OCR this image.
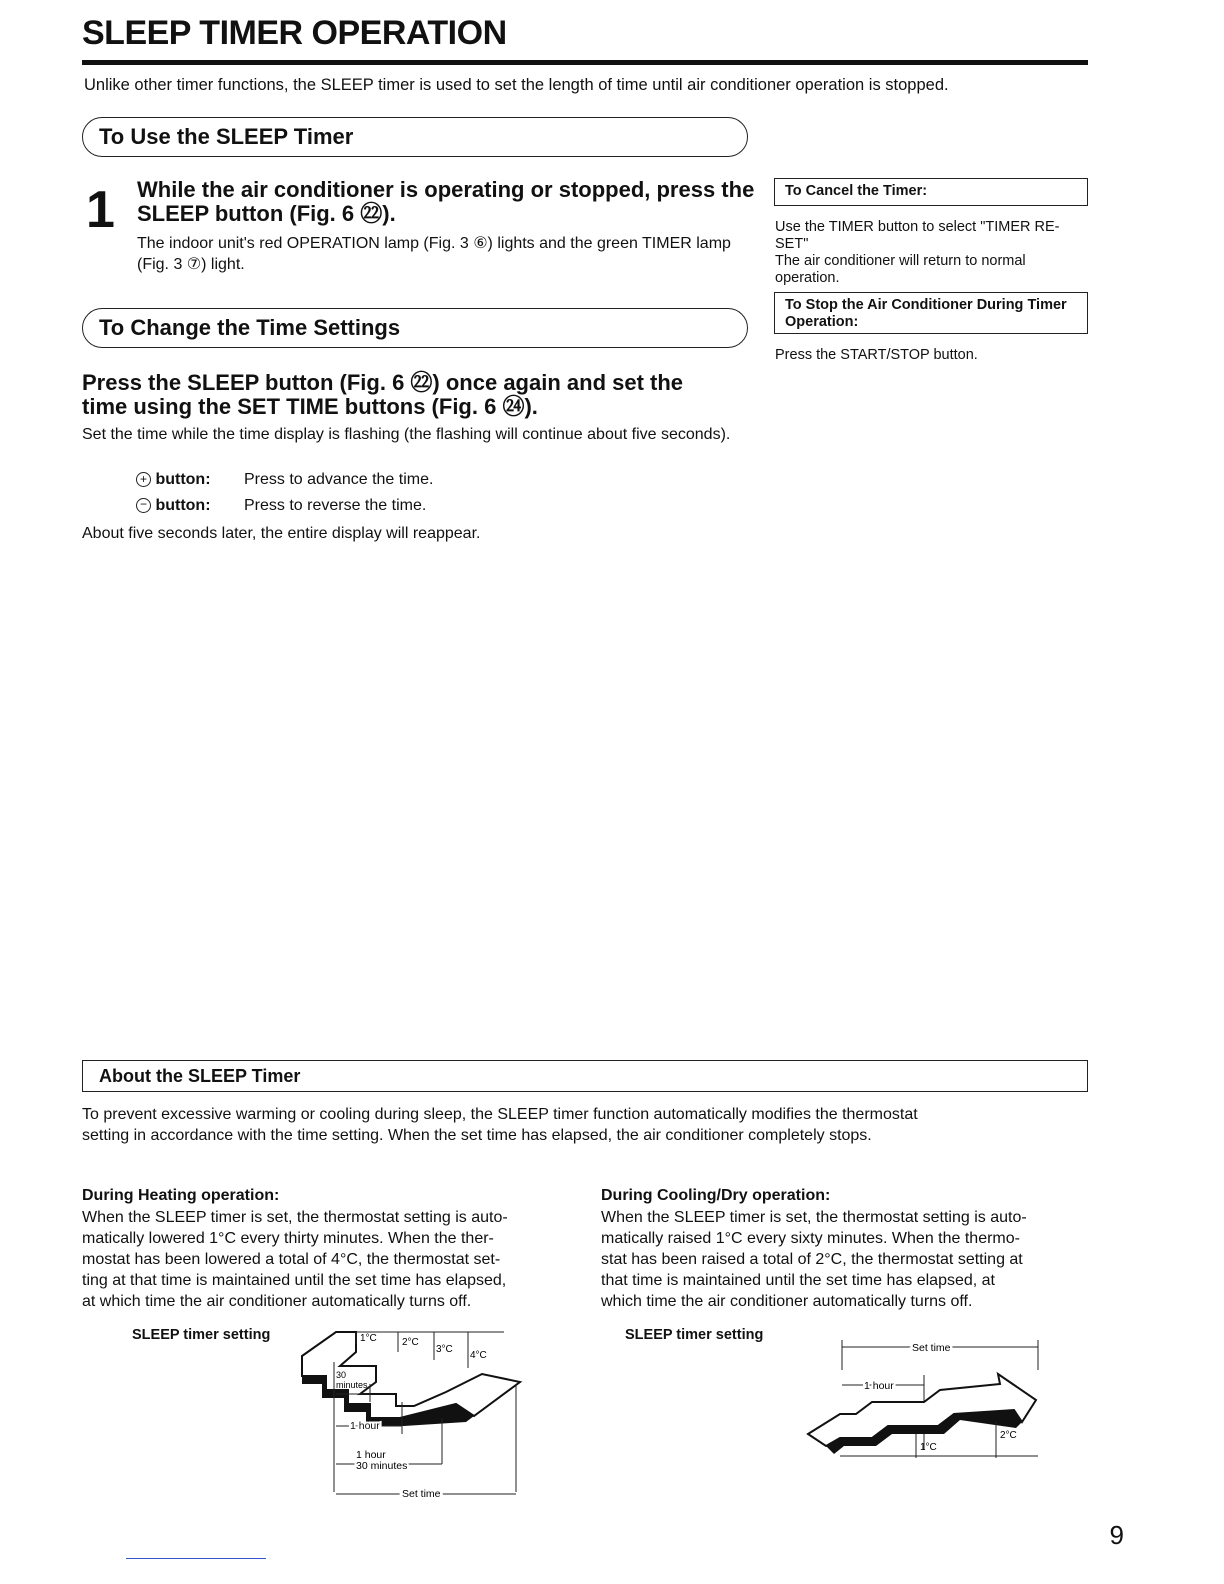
SLEEP TIMER OPERATION
Unlike other timer functions, the SLEEP timer is used to set the length of time until air conditioner operation is stopped.
To Use the SLEEP Timer
1 While the air conditioner is operating or stopped, press the SLEEP button (Fig. 6 ㉒).
The indoor unit's red OPERATION lamp (Fig. 3 ⑥) lights and the green TIMER lamp (Fig. 3 ⑦) light.
To Change the Time Settings
Press the SLEEP button (Fig. 6 ㉒) once again and set the time using the SET TIME buttons (Fig. 6 ㉔).
Set the time while the time display is flashing (the flashing will continue about five seconds).
+ button: Press to advance the time.
− button: Press to reverse the time.
About five seconds later, the entire display will reappear.
To Cancel the Timer:
Use the TIMER button to select "TIMER RE-
SET"
The air conditioner will return to normal
operation.
To Stop the Air Conditioner During Timer
Operation:
Press the START/STOP button.
About the SLEEP Timer
To prevent excessive warming or cooling during sleep, the SLEEP timer function automatically modifies the thermostat
setting in accordance with the time setting. When the set time has elapsed, the air conditioner completely stops.
During Heating operation:
When the SLEEP timer is set, the thermostat setting is auto-
matically lowered 1°C every thirty minutes. When the ther-
mostat has been lowered a total of 4°C, the thermostat set-
ting at that time is maintained until the set time has elapsed,
at which time the air conditioner automatically turns off.
SLEEP timer setting	1°C	2°C
3°C
4°C
30
minutes
1 hour
1 hour
30 minutes
Set time
During Cooling/Dry operation:
When the SLEEP timer is set, the thermostat setting is auto-
matically raised 1°C every sixty minutes. When the thermo-
stat has been raised a total of 2°C, the thermostat setting at
that time is maintained until the set time has elapsed, at
which time the air conditioner automatically turns off.
SLEEP timer setting
Set time
1 hour
1°C
2°C
9
